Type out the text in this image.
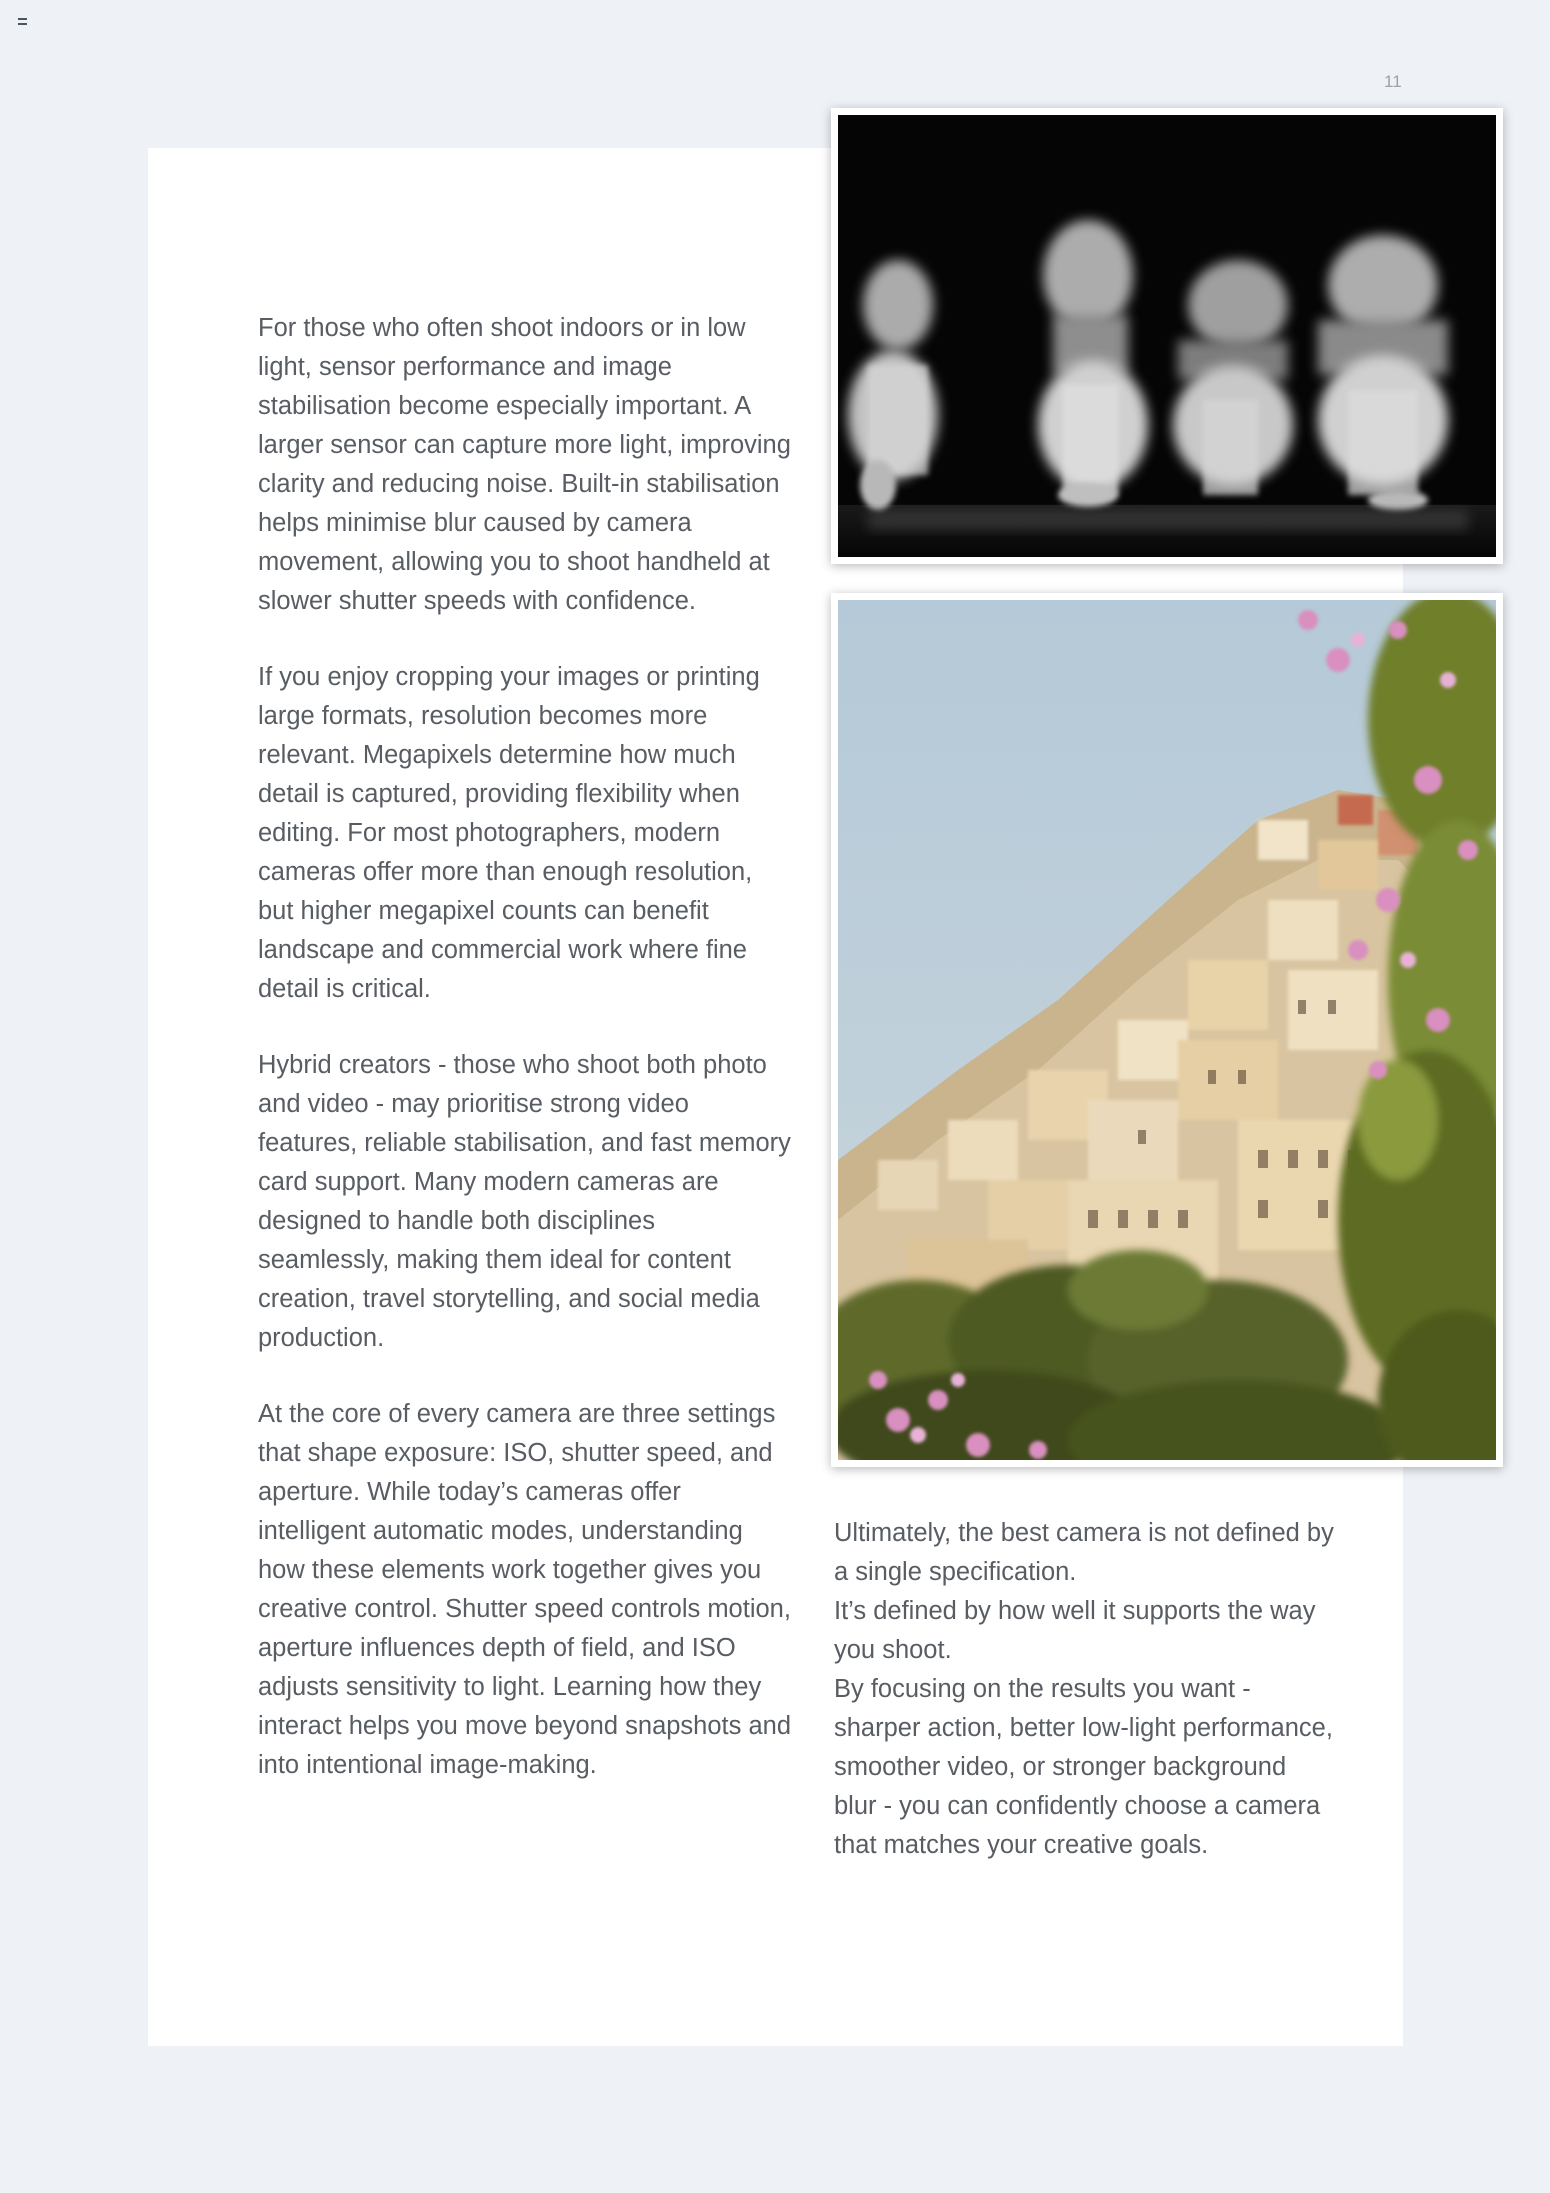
11

For those who often shoot indoors or in low light, sensor performance and image stabilisation become especially important. A larger sensor can capture more light, improving clarity and reducing noise. Built-in stabilisation helps minimise blur caused by camera movement, allowing you to shoot handheld at slower shutter speeds with confidence.

If you enjoy cropping your images or printing large formats, resolution becomes more relevant. Megapixels determine how much detail is captured, providing flexibility when editing. For most photographers, modern cameras offer more than enough resolution, but higher megapixel counts can benefit landscape and commercial work where fine detail is critical.

Hybrid creators - those who shoot both photo and video - may prioritise strong video features, reliable stabilisation, and fast memory card support. Many modern cameras are designed to handle both disciplines seamlessly, making them ideal for content creation, travel storytelling, and social media production.

At the core of every camera are three settings that shape exposure: ISO, shutter speed, and aperture. While today’s cameras offer intelligent automatic modes, understanding how these elements work together gives you creative control. Shutter speed controls motion, aperture influences depth of field, and ISO adjusts sensitivity to light. Learning how they interact helps you move beyond snapshots and into intentional image-making.

Ultimately, the best camera is not defined by a single specification.

It’s defined by how well it supports the way you shoot.

By focusing on the results you want - sharper action, better low-light performance, smoother video, or stronger background blur - you can confidently choose a camera that matches your creative goals.
